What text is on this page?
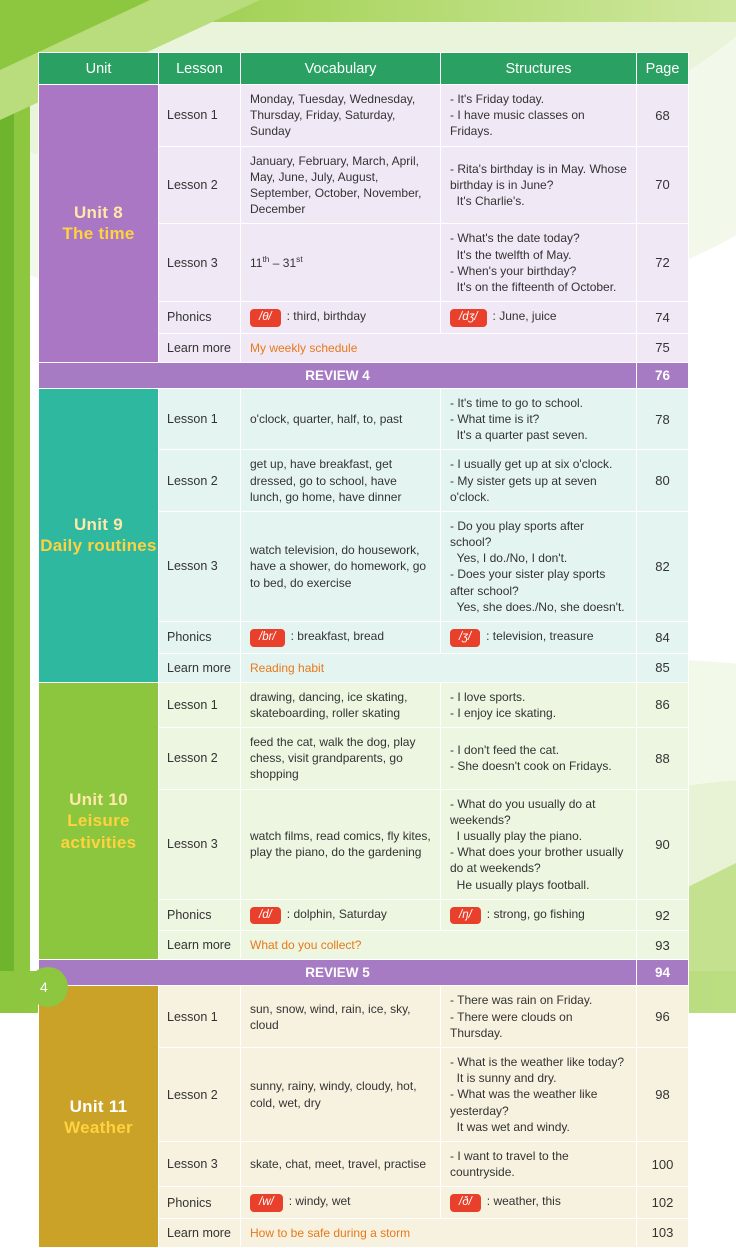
4
Unit	Lesson	Vocabulary	Structures	Page

Unit 8
The time	Lesson 1	Monday, Tuesday, Wednesday, Thursday, Friday, Saturday, Sunday	- It's Friday today.
- I have music classes on Fridays.	68
	Lesson 2	January, February, March, April, May, June, July, August, September, October, November, December	- Rita's birthday is in May. Whose birthday is in June?
It's Charlie's.	70
	Lesson 3	11th – 31st	- What's the date today?
It's the twelfth of May.
- When's your birthday?
It's on the fifteenth of October.	72
	Phonics	/θ/ : third, birthday	/dʒ/ : June, juice	74
	Learn more	My weekly schedule		75
REVIEW 4				76

Unit 9
Daily routines	Lesson 1	o'clock, quarter, half, to, past	- It's time to go to school.
- What time is it?
It's a quarter past seven.	78
	Lesson 2	get up, have breakfast, get dressed, go to school, have lunch, go home, have dinner	- I usually get up at six o'clock.
- My sister gets up at seven o'clock.	80
	Lesson 3	watch television, do housework, have a shower, do homework, go to bed, do exercise	- Do you play sports after school?
Yes, I do./No, I don't.
- Does your sister play sports after school?
Yes, she does./No, she doesn't.	82
	Phonics	/br/ : breakfast, bread	/ʒ/ : television, treasure	84
	Learn more	Reading habit		85

Unit 10
Leisure activities	Lesson 1	drawing, dancing, ice skating, skateboarding, roller skating	- I love sports.
- I enjoy ice skating.	86
	Lesson 2	feed the cat, walk the dog, play chess, visit grandparents, go shopping	- I don't feed the cat.
- She doesn't cook on Fridays.	88
	Lesson 3	watch films, read comics, fly kites, play the piano, do the gardening	- What do you usually do at weekends?
I usually play the piano.
- What does your brother usually do at weekends?
He usually plays football.	90
	Phonics	/d/ : dolphin, Saturday	/ŋ/ : strong, go fishing	92
	Learn more	What do you collect?		93
REVIEW 5				94

Unit 11
Weather	Lesson 1	sun, snow, wind, rain, ice, sky, cloud	- There was rain on Friday.
- There were clouds on Thursday.	96
	Lesson 2	sunny, rainy, windy, cloudy, hot, cold, wet, dry	- What is the weather like today?
It is sunny and dry.
- What was the weather like yesterday?
It was wet and windy.	98
	Lesson 3	skate, chat, meet, travel, practise	- I want to travel to the countryside.	100
	Phonics	/w/ : windy, wet	/ð/ : weather, this	102
	Learn more	How to be safe during a storm		103
